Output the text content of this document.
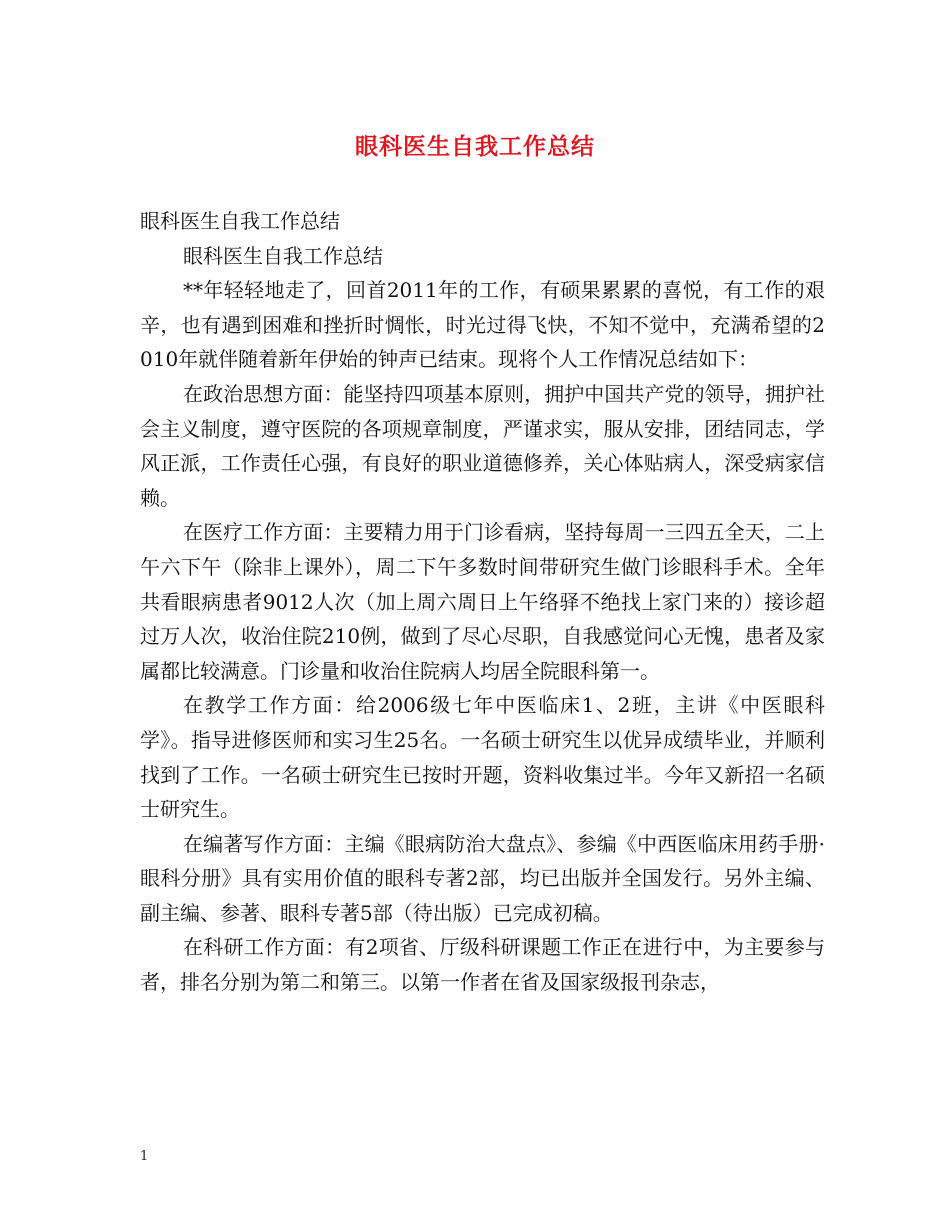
眼科医生自我工作总结

眼科医生自我工作总结

眼科医生自我工作总结

**年轻轻地走了，回首2011年的工作，有硕果累累的喜悦，有工作的艰辛，也有遇到困难和挫折时惆怅，时光过得飞快，不知不觉中，充满希望的2010年就伴随着新年伊始的钟声已结束。现将个人工作情况总结如下：

在政治思想方面：能坚持四项基本原则，拥护中国共产党的领导，拥护社会主义制度，遵守医院的各项规章制度，严谨求实，服从安排，团结同志，学风正派，工作责任心强，有良好的职业道德修养，关心体贴病人，深受病家信赖。

在医疗工作方面：主要精力用于门诊看病，坚持每周一三四五全天，二上午六下午（除非上课外），周二下午多数时间带研究生做门诊眼科手术。全年共看眼病患者9012人次（加上周六周日上午络驿不绝找上家门来的）接诊超过万人次，收治住院210例，做到了尽心尽职，自我感觉问心无愧，患者及家属都比较满意。门诊量和收治住院病人均居全院眼科第一。

在教学工作方面：给2006级七年中医临床1、2班，主讲《中医眼科学》。指导进修医师和实习生25名。一名硕士研究生以优异成绩毕业，并顺利找到了工作。一名硕士研究生已按时开题，资料收集过半。今年又新招一名硕士研究生。

在编著写作方面：主编《眼病防治大盘点》、参编《中西医临床用药手册·眼科分册》具有实用价值的眼科专著2部，均已出版并全国发行。另外主编、副主编、参著、眼科专著5部（待出版）已完成初稿。

在科研工作方面：有2项省、厅级科研课题工作正在进行中，为主要参与者，排名分别为第二和第三。以第一作者在省及国家级报刊杂志，

1
